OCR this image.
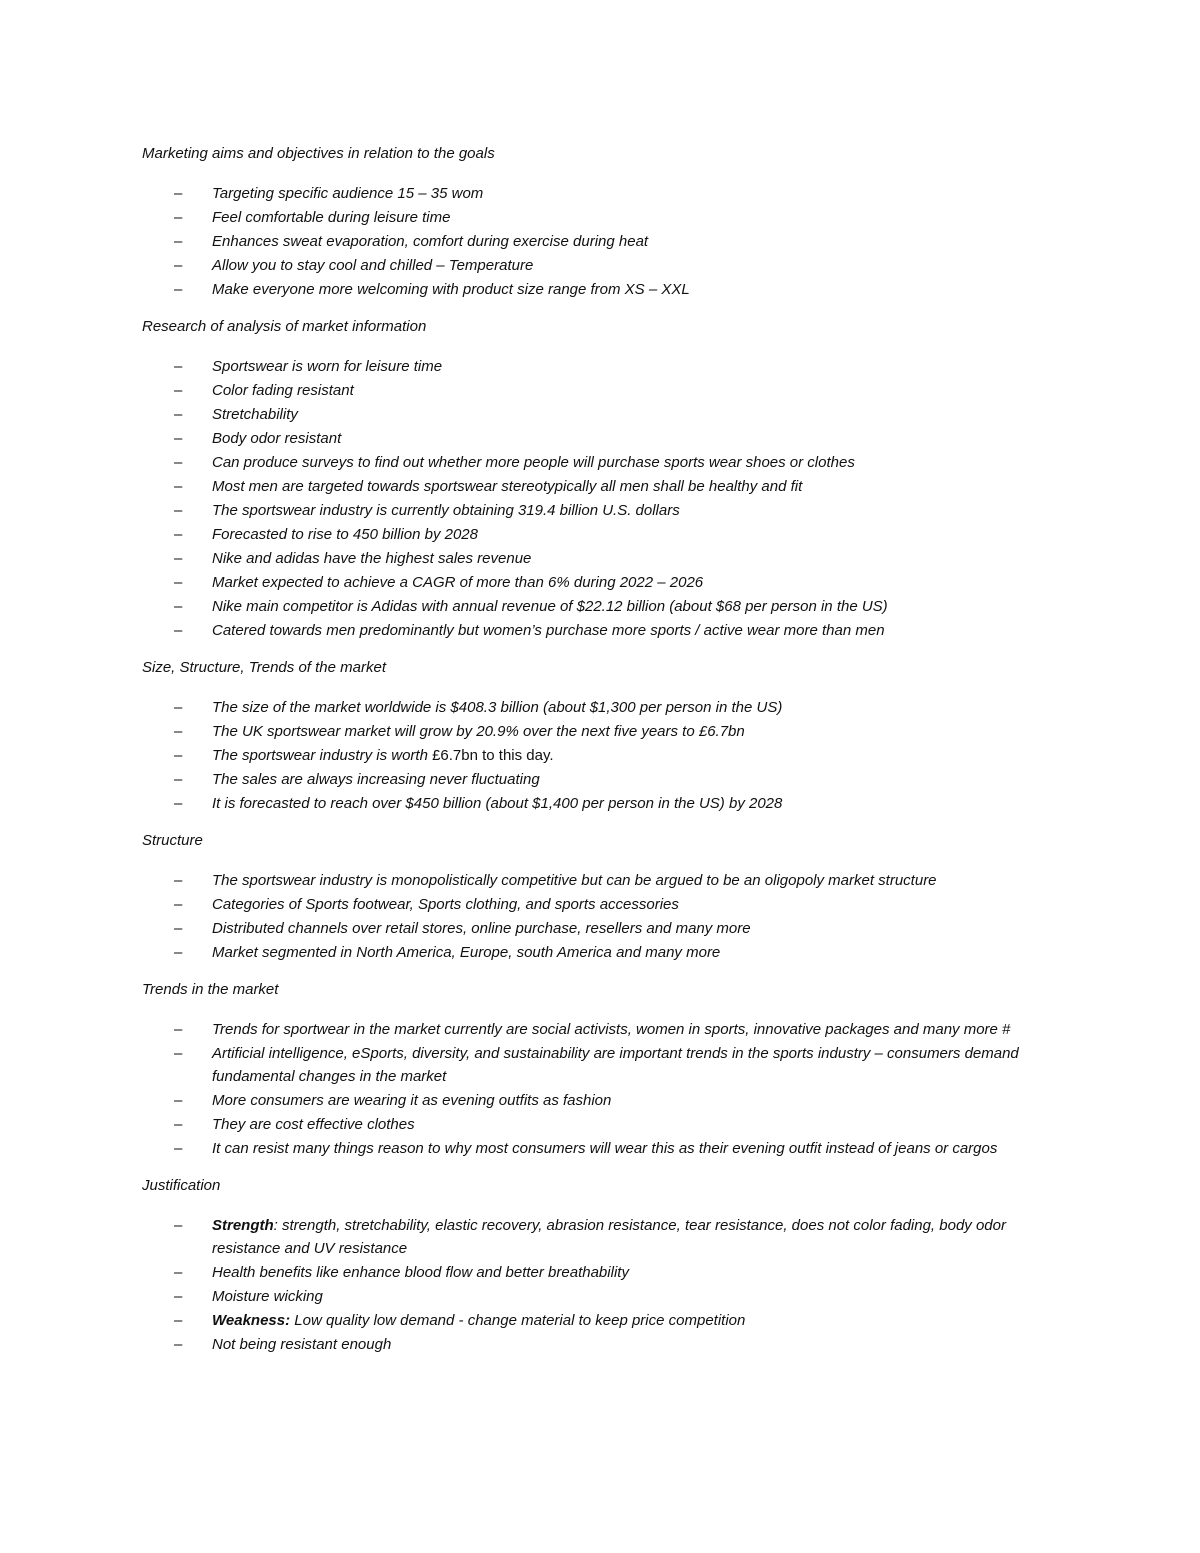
Marketing aims and objectives in relation to the goals

– Targeting specific audience 15 – 35 wom
– Feel comfortable during leisure time
– Enhances sweat evaporation, comfort during exercise during heat
– Allow you to stay cool and chilled – Temperature
– Make everyone more welcoming with product size range from XS – XXL

Research of analysis of market information

– Sportswear is worn for leisure time
– Color fading resistant
– Stretchability
– Body odor resistant
– Can produce surveys to find out whether more people will purchase sports wear shoes or clothes
– Most men are targeted towards sportswear stereotypically all men shall be healthy and fit
– The sportswear industry is currently obtaining 319.4 billion U.S. dollars
– Forecasted to rise to 450 billion by 2028
– Nike and adidas have the highest sales revenue
– Market expected to achieve a CAGR of more than 6% during 2022 – 2026
– Nike main competitor is Adidas with annual revenue of $22.12 billion (about $68 per person in the US)
– Catered towards men predominantly but women’s purchase more sports / active wear more than men

Size, Structure, Trends of the market

– The size of the market worldwide is $408.3 billion (about $1,300 per person in the US)
– The UK sportswear market will grow by 20.9% over the next five years to £6.7bn
– The sportswear industry is worth £6.7bn to this day.
– The sales are always increasing never fluctuating
– It is forecasted to reach over $450 billion (about $1,400 per person in the US) by 2028

Structure

– The sportswear industry is monopolistically competitive but can be argued to be an oligopoly market structure
– Categories of Sports footwear, Sports clothing, and sports accessories
– Distributed channels over retail stores, online purchase, resellers and many more
– Market segmented in North America, Europe, south America and many more

Trends in the market

– Trends for sportwear in the market currently are social activists, women in sports, innovative packages and many more #
– Artificial intelligence, eSports, diversity, and sustainability are important trends in the sports industry – consumers demand fundamental changes in the market
– More consumers are wearing it as evening outfits as fashion
– They are cost effective clothes
– It can resist many things reason to why most consumers will wear this as their evening outfit instead of jeans or cargos

Justification

– Strength: strength, stretchability, elastic recovery, abrasion resistance, tear resistance, does not color fading, body odor resistance and UV resistance
– Health benefits like enhance blood flow and better breathability
– Moisture wicking
– Weakness: Low quality low demand - change material to keep price competition
– Not being resistant enough
